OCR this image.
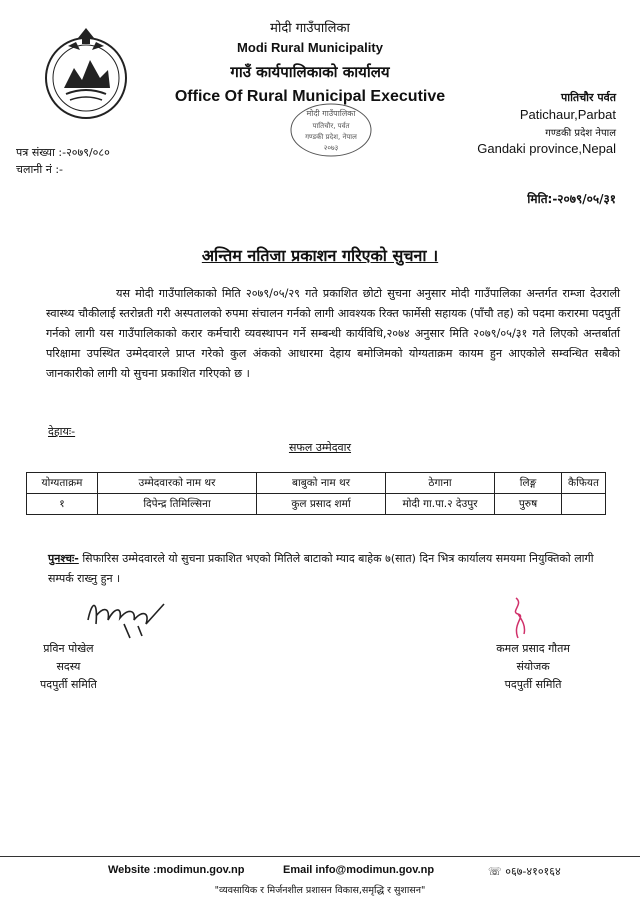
मोदी गाउँपालिका
Modi Rural Municipality
गाउँ कार्यपालिकाको कार्यालय
Office Of Rural Municipal Executive
मोदी गाउँपालिका
पातिचौर, पर्वत
गण्डकी प्रदेश, नेपाल
२०७३
पातिचौर पर्वत
Patichaur,Parbat
गण्डकी प्रदेश नेपाल
Gandaki province,Nepal
पत्र संख्या :-२०७९/०८०
चलानी नं :-
मिति:-२०७९/०५/३१
अन्तिम नतिजा प्रकाशन गरिएको सुचना ।
यस मोदी गाउँपालिकाको मिति २०७९/०५/२९ गते प्रकाशित छोटो सुचना अनुसार मोदी गाउँपालिका अन्तर्गत राम्जा देउराली स्वास्थ्य चौकीलाई स्तरोन्नती गरी अस्पतालको रुपमा संचालन गर्नको लागी आवश्यक रिक्त फार्मेसी सहायक (पाँचौ तह) को पदमा करारमा पदपुर्ती गर्नको लागी यस गाउँपालिकाको करार कर्मचारी व्यवस्थापन गर्ने सम्बन्धी कार्यविधि,२०७४ अनुसार मिति २०७९/०५/३१ गते लिएको अन्तर्बार्ता परिक्षामा उपस्थित उम्मेदवारले प्राप्त गरेको कुल अंकको आधारमा देहाय बमोजिमको योग्यताक्रम कायम हुन आएकोले सम्वन्धित सबैको जानकारीको लागी यो सुचना प्रकाशित गरिएको छ ।
देहायः-
सफल उम्मेदवार
योग्यताक्रम	उम्मेदवारको नाम थर	बाबुको नाम थर	ठेगाना	लिङ्ग	कैफियत
१	दिपेन्द्र तिमिल्सिना	कुल प्रसाद शर्मा	मोदी गा.पा.२ देउपुर	पुरुष	
पुनश्चः- सिफारिस उम्मेदवारले यो सुचना प्रकाशित भएको मितिले बाटाको म्याद बाहेक ७(सात) दिन भित्र कार्यालय समयमा नियुक्तिको लागी सम्पर्क राख्नु हुन ।
प्रविन पोखेल
सदस्य
पदपुर्ती समिति
कमल प्रसाद गौतम
संयोजक
पदपुर्ती समिति
Website :modimun.gov.np	Email info@modimun.gov.np	☏ ०६७-४१०१६४
"व्यवसायिक र मिर्जनशील प्रशासन विकास,समृद्धि र सुशासन"
